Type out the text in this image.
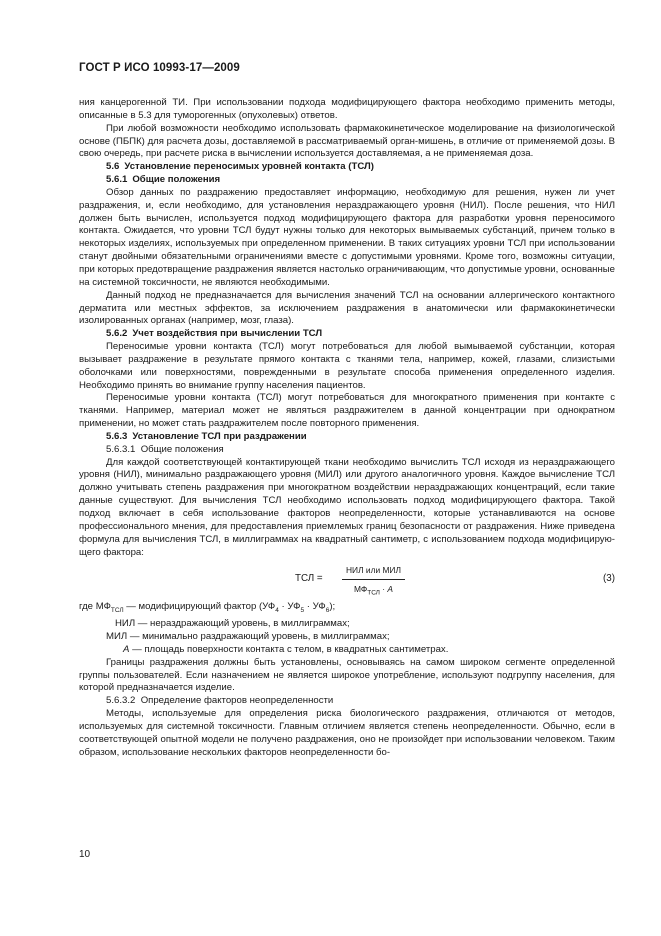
ГОСТ Р ИСО 10993-17—2009

ния канцерогенной ТИ. При использовании подхода модифицирующего фактора необходимо применить методы, описанные в 5.3 для туморогенных (опухолевых) ответов.

При любой возможности необходимо использовать фармакокинетическое моделирование на физиологической основе (ПБПК) для расчета дозы, доставляемой в рассматриваемый орган-мишень, в отличие от применяемой дозы. В свою очередь, при расчете риска в вычислении используется доставляемая, а не применяемая доза.

5.6 Установление переносимых уровней контакта (ТСЛ)

5.6.1 Общие положения

Обзор данных по раздражению предоставляет информацию, необходимую для решения, нужен ли учет раздражения, и, если необходимо, для установления нераздражающего уровня (НИЛ). После решения, что НИЛ должен быть вычислен, используется подход модифицирующего фактора для разработки уровня переносимого контакта. Ожидается, что уровни ТСЛ будут нужны только для некоторых вымываемых субстанций, причем только в некоторых изделиях, используемых при определенном применении. В таких ситуациях уровни ТСЛ при использовании станут двойными обязательными ограничениями вместе с допустимыми уровнями. Кроме того, возможны ситуации, при которых предотвращение раздражения является настолько ограничивающим, что допустимые уровни, основанные на системной токсичности, не являются необходимыми.

Данный подход не предназначается для вычисления значений ТСЛ на основании аллергического контактного дерматита или местных эффектов, за исключением раздражения в анатомически или фармакокинетически изолированных органах (например, мозг, глаза).

5.6.2 Учет воздействия при вычислении ТСЛ

Переносимые уровни контакта (ТСЛ) могут потребоваться для любой вымываемой субстанции, которая вызывает раздражение в результате прямого контакта с тканями тела, например, кожей, глазами, слизистыми оболочками или поверхностями, поврежденными в результате способа применения определенного изделия. Необходимо принять во внимание группу населения пациентов.

Переносимые уровни контакта (ТСЛ) могут потребоваться для многократного применения при контакте с тканями. Например, материал может не являться раздражителем в данной концентрации при однократном применении, но может стать раздражителем после повторного применения.

5.6.3 Установление ТСЛ при раздражении

5.6.3.1 Общие положения

Для каждой соответствующей контактирующей ткани необходимо вычислить ТСЛ исходя из нераздражающего уровня (НИЛ), минимально раздражающего уровня (МИЛ) или другого аналогичного уровня. Каждое вычисление ТСЛ должно учитывать степень раздражения при многократном воздействии нераздражающих концентраций, если такие данные существуют. Для вычисления ТСЛ необходимо использовать подход модифицирующего фактора. Такой подход включает в себя использование факторов неопределенности, которые устанавливаются на основе профессионального мнения, для предоставления приемлемых границ безопасности от раздражения. Ниже приведена формула для вычисления ТСЛ, в миллиграммах на квадратный сантиметр, с использованием подхода модифицирующего фактора:

ТСЛ =
НИЛ или МИЛ
$МФ_{ТСЛ} \cdot A$
(3)

где $МФ_{ТСЛ}$ — модифицирующий фактор $(УФ_4 \cdot УФ_5 \cdot УФ_6)$;

НИЛ — нераздражающий уровень, в миллиграммах;

МИЛ — минимально раздражающий уровень, в миллиграммах;

A — площадь поверхности контакта с телом, в квадратных сантиметрах.

Границы раздражения должны быть установлены, основываясь на самом широком сегменте определенной группы пользователей. Если назначением не является широкое употребление, используют подгруппу населения, для которой предназначается изделие.

5.6.3.2 Определение факторов неопределенности

Методы, используемые для определения риска биологического раздражения, отличаются от методов, используемых для системной токсичности. Главным отличием является степень неопределенности. Обычно, если в соответствующей опытной модели не получено раздражения, оно не произойдет при использовании человеком. Таким образом, использование нескольких факторов неопределенности бо-

10
